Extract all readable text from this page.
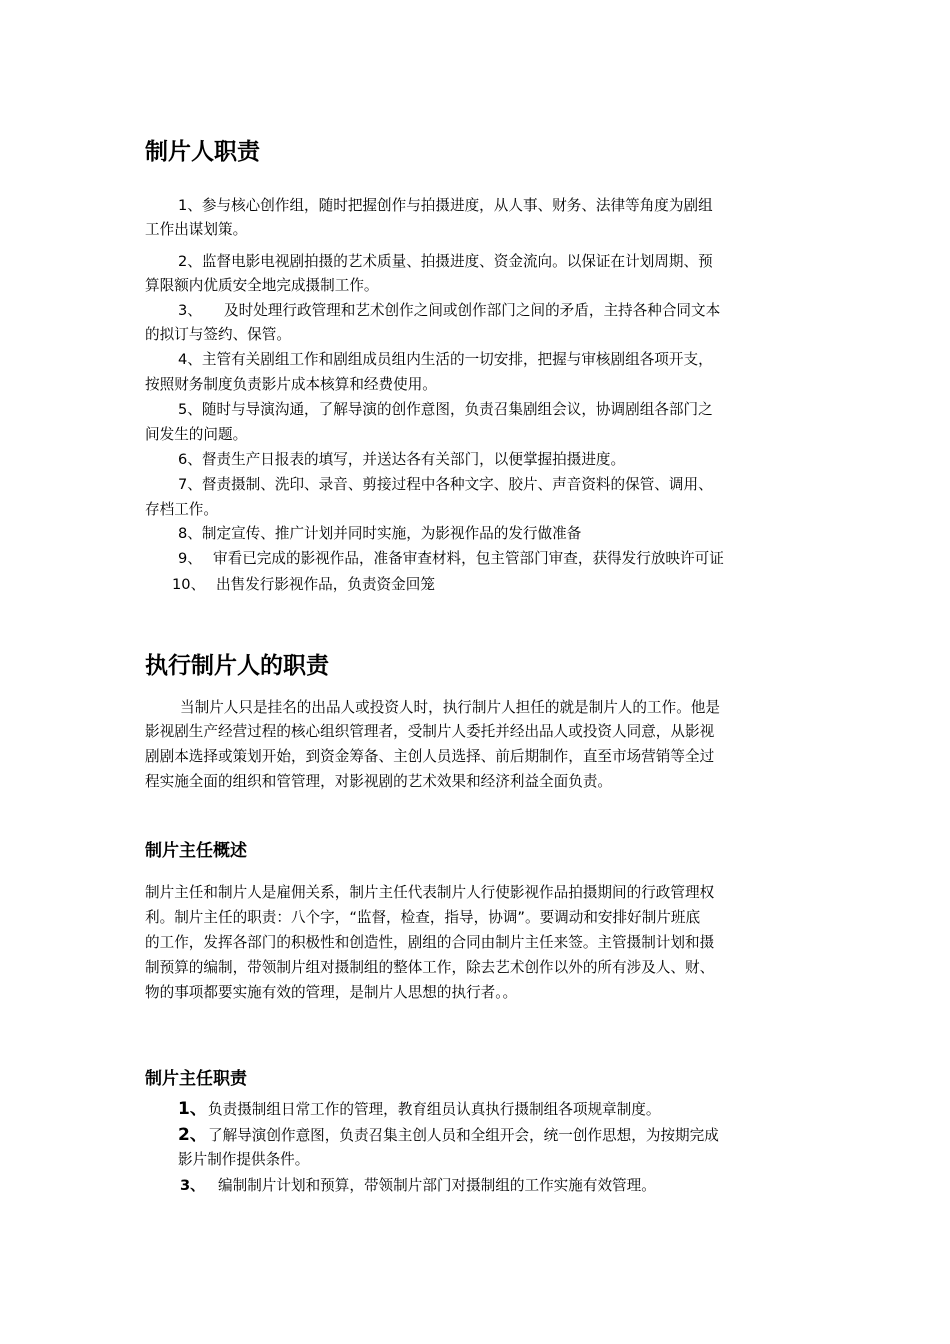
制片人职责
1、参与核心创作组，随时把握创作与拍摄进度，从人事、财务、法律等角度为剧组
工作出谋划策。
2、监督电影电视剧拍摄的艺术质量、拍摄进度、资金流向。以保证在计划周期、预
算限额内优质安全地完成摄制工作。
3、 及时处理行政管理和艺术创作之间或创作部门之间的矛盾，主持各种合同文本
的拟订与签约、保管。
4、主管有关剧组工作和剧组成员组内生活的一切安排，把握与审核剧组各项开支，
按照财务制度负责影片成本核算和经费使用。
5、随时与导演沟通，了解导演的创作意图，负责召集剧组会议，协调剧组各部门之
间发生的问题。
6、督责生产日报表的填写，并送达各有关部门，以便掌握拍摄进度。
7、督责摄制、洗印、录音、剪接过程中各种文字、胶片、声音资料的保管、调用、
存档工作。
8、制定宣传、推广计划并同时实施，为影视作品的发行做准备
9、 审看已完成的影视作品，准备审查材料，包主管部门审查，获得发行放映许可证
10、 出售发行影视作品，负责资金回笼
执行制片人的职责
当制片人只是挂名的出品人或投资人时，执行制片人担任的就是制片人的工作。他是
影视剧生产经营过程的核心组织管理者，受制片人委托并经出品人或投资人同意，从影视
剧剧本选择或策划开始，到资金筹备、主创人员选择、前后期制作，直至市场营销等全过
程实施全面的组织和管管理，对影视剧的艺术效果和经济利益全面负责。
制片主任概述
制片主任和制片人是雇佣关系，制片主任代表制片人行使影视作品拍摄期间的行政管理权
利。制片主任的职责：八个字，“监督，检查，指导，协调”。要调动和安排好制片班底
的工作，发挥各部门的积极性和创造性，剧组的合同由制片主任来签。主管摄制计划和摄
制预算的编制，带领制片组对摄制组的整体工作，除去艺术创作以外的所有涉及人、财、
物的事项都要实施有效的管理，是制片人思想的执行者。。
制片主任职责
1、负责摄制组日常工作的管理，教育组员认真执行摄制组各项规章制度。
2、了解导演创作意图，负责召集主创人员和全组开会，统一创作思想，为按期完成
影片制作提供条件。
3、 编制制片计划和预算，带领制片部门对摄制组的工作实施有效管理。
